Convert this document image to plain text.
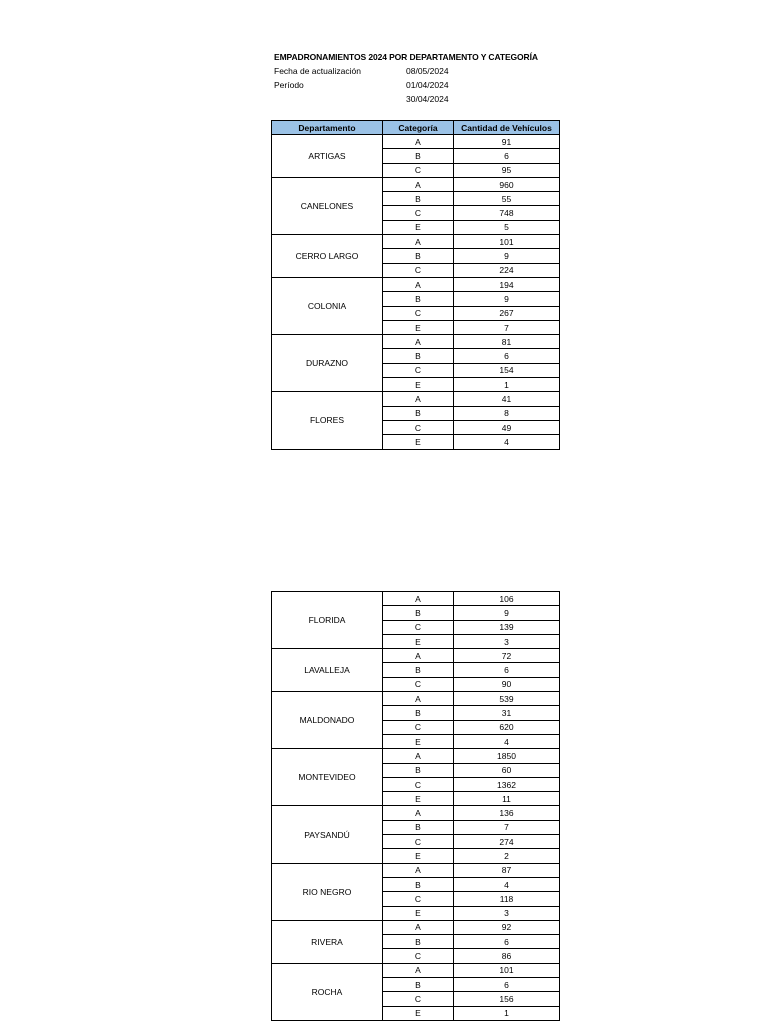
EMPADRONAMIENTOS 2024 POR DEPARTAMENTO Y CATEGORÍA
Fecha de actualización	08/05/2024
Período	01/04/2024
30/04/2024
Departamento	Categoría	Cantidad de Vehículos
ARTIGAS	A	91
	B	6
	C	95
CANELONES	A	960
	B	55
	C	748
	E	5
CERRO LARGO	A	101
	B	9
	C	224
COLONIA	A	194
	B	9
	C	267
	E	7
DURAZNO	A	81
	B	6
	C	154
	E	1
FLORES	A	41
	B	8
	C	49
	E	4
FLORIDA	A	106
	B	9
	C	139
	E	3
LAVALLEJA	A	72
	B	6
	C	90
MALDONADO	A	539
	B	31
	C	620
	E	4
MONTEVIDEO	A	1850
	B	60
	C	1362
	E	11
PAYSANDÚ	A	136
	B	7
	C	274
	E	2
RIO NEGRO	A	87
	B	4
	C	118
	E	3
RIVERA	A	92
	B	6
	C	86
ROCHA	A	101
	B	6
	C	156
	E	1
